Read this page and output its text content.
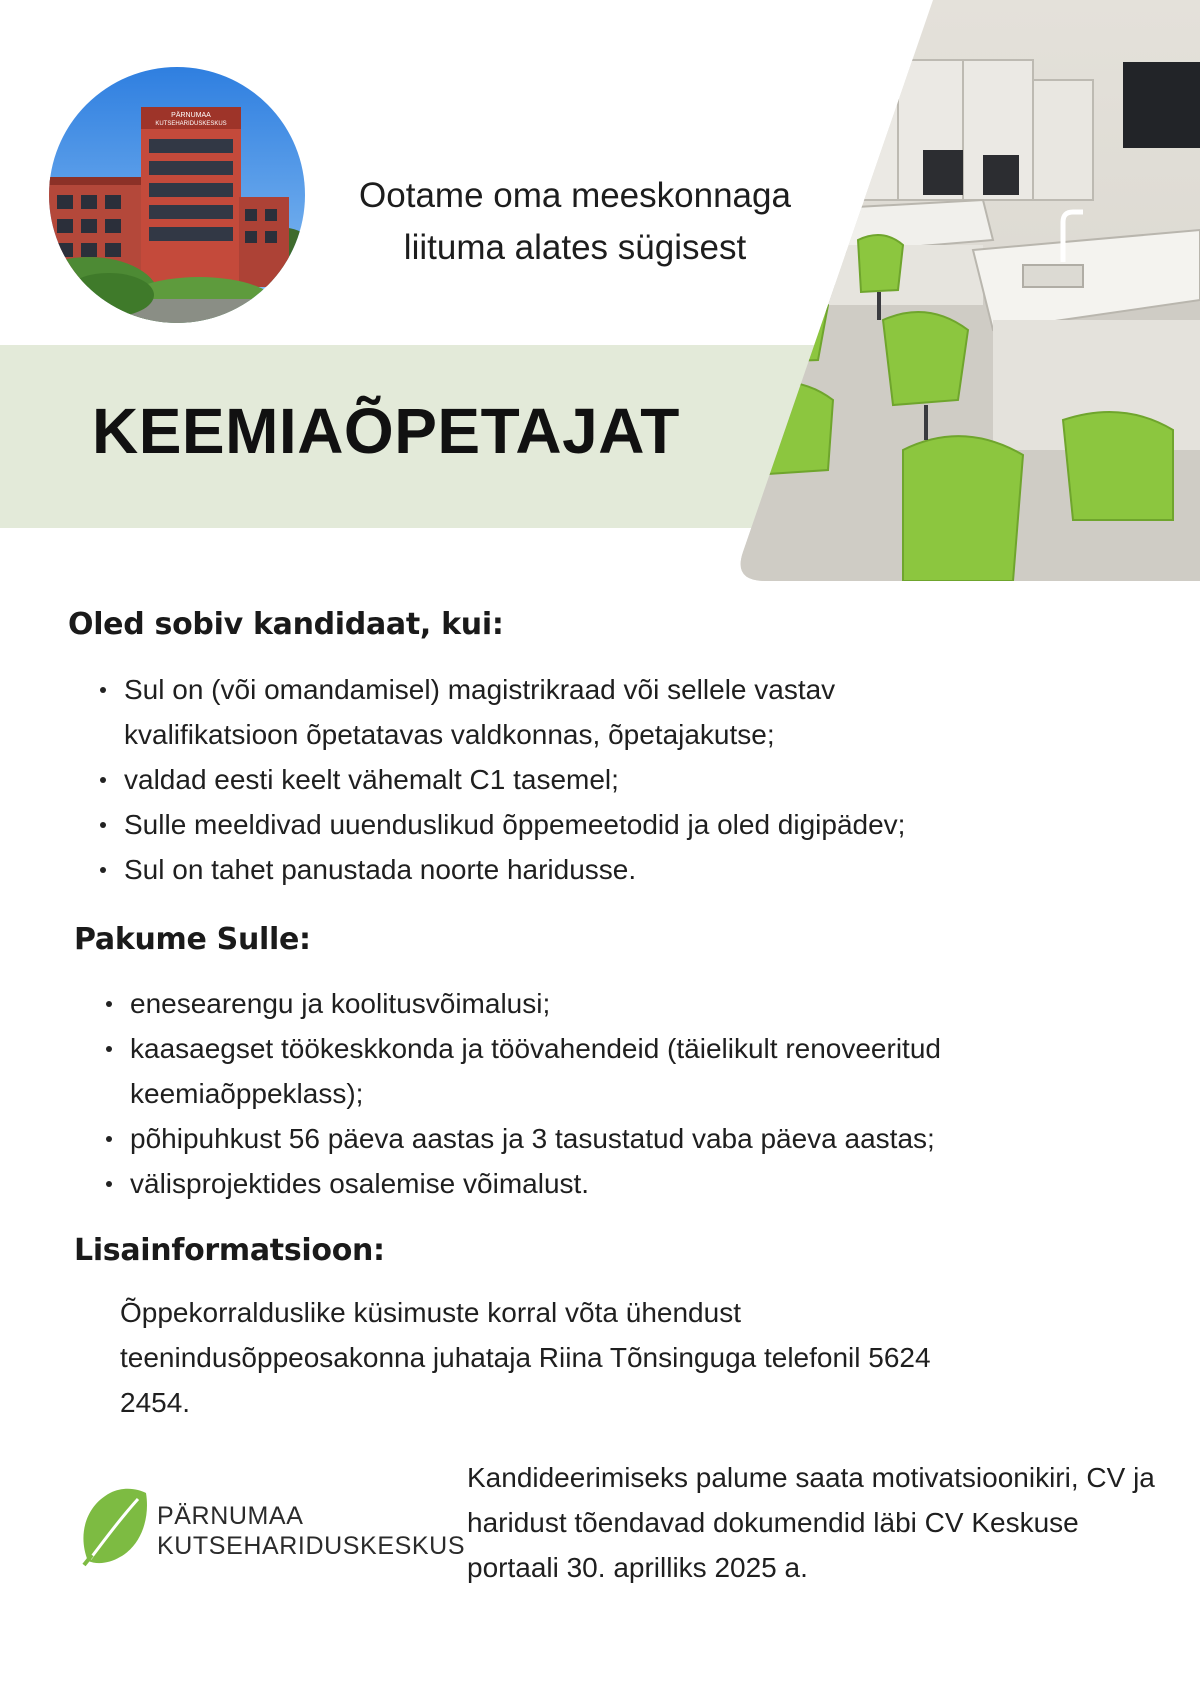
PÄRNUMAA
KUTSEHARIDUSKESKUS
Ootame oma meeskonnaga
liituma alates sügisest
KEEMIAÕPETAJAT
Oled sobiv kandidaat, kui:
Sul on (või omandamisel) magistrikraad või sellele vastav kvalifikatsioon õpetatavas valdkonnas, õpetajakutse;
valdad eesti keelt vähemalt C1 tasemel;
Sulle meeldivad uuenduslikud õppemeetodid ja oled digipädev;
Sul on tahet panustada noorte haridusse.
Pakume Sulle:
enesearengu ja koolitusvõimalusi;
kaasaegset töökeskkonda ja töövahendeid (täielikult renoveeritud keemiaõppeklass);
põhipuhkust 56 päeva aastas ja 3 tasustatud vaba päeva aastas;
välisprojektides osalemise võimalust.
Lisainformatsioon:
Õppekorralduslike küsimuste korral võta ühendust teenindusõppeosakonna juhataja Riina Tõnsinguga telefonil 5624 2454.
PÄRNUMAA
KUTSEHARIDUSKESKUS
Kandideerimiseks palume saata motivatsioonikiri, CV ja haridust tõendavad dokumendid läbi CV Keskuse portaali 30. aprilliks 2025 a.
